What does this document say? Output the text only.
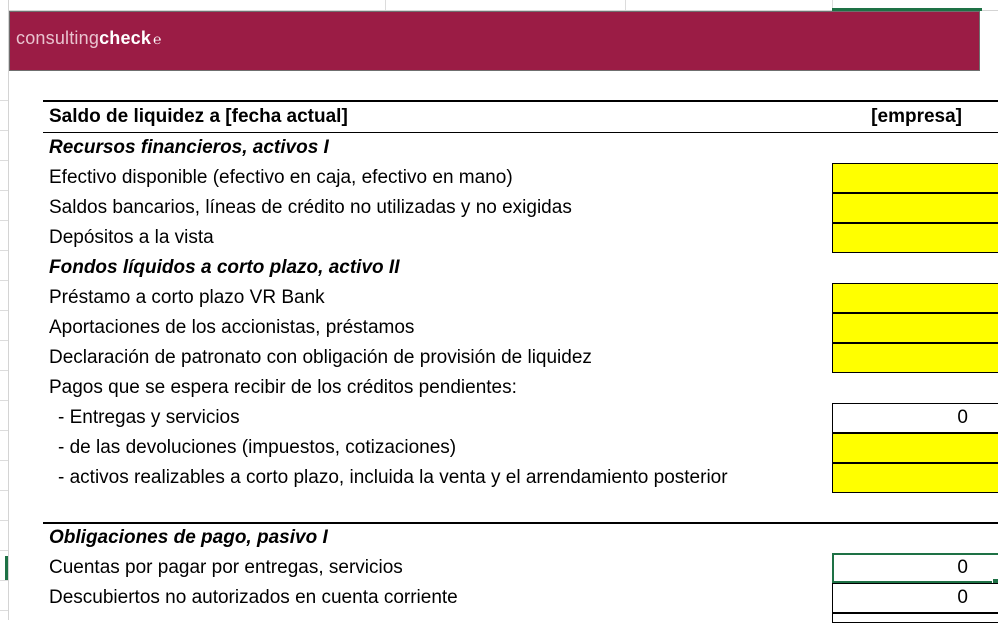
consultingcheck ℮
Saldo de liquidez a [fecha actual]	[empresa]
Recursos financieros, activos I
Efectivo disponible (efectivo en caja, efectivo en mano)
Saldos bancarios, líneas de crédito no utilizadas y no exigidas
Depósitos a la vista
Fondos líquidos a corto plazo, activo II
Préstamo a corto plazo VR Bank
Aportaciones de los accionistas, préstamos
Declaración de patronato con obligación de provisión de liquidez
Pagos que se espera recibir de los créditos pendientes:
- Entregas y servicios	0
- de las devoluciones (impuestos, cotizaciones)
- activos realizables a corto plazo, incluida la venta y el arrendamiento posterior
Obligaciones de pago, pasivo I
Cuentas por pagar por entregas, servicios	0
Descubiertos no autorizados en cuenta corriente	0
